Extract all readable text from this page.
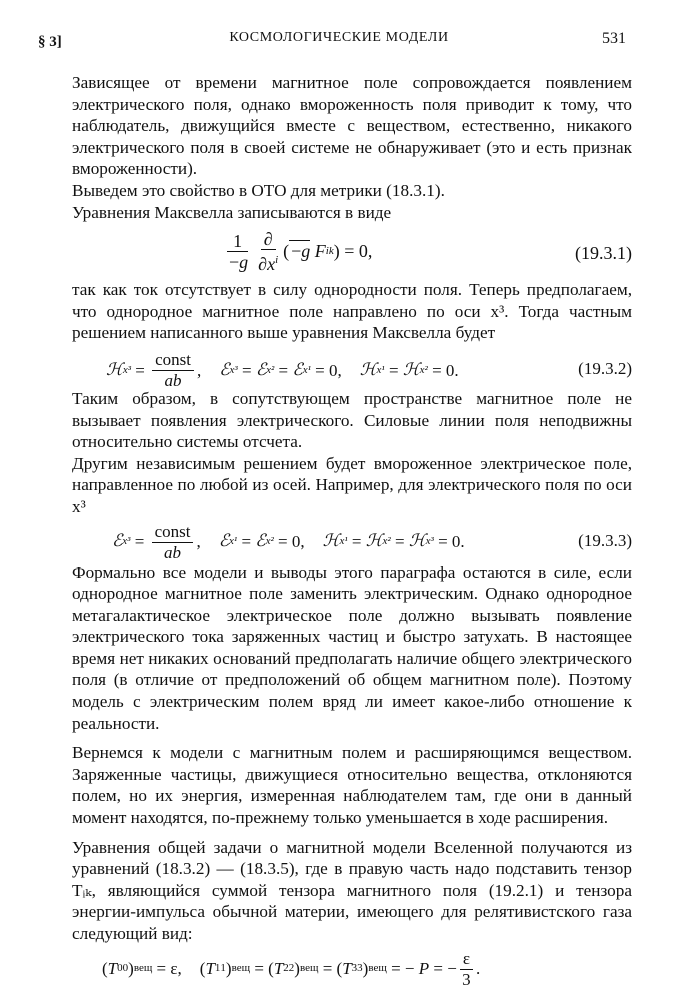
§ 3]	КОСМОЛОГИЧЕСКИЕ МОДЕЛИ	531

Зависящее от времени магнитное поле сопровождается появлением электрического поля, однако вмороженность поля приводит к тому, что наблюдатель, движущийся вместе с веществом, естественно, никакого электрического поля в своей системе не обнаруживает (это и есть признак вмороженности).

Выведем это свойство в ОТО для метрики (18.3.1).

Уравнения Максвелла записываются в виде

$\frac{1}{-g} \frac{\partial}{\partial x^i}$ ( −g
F ik ) = 0,	(19.3.1)

так как ток отсутствует в силу однородности поля. Теперь предполагаем, что однородное магнитное поле направлено по оси x³. Тогда частным решением написанного выше уравнения Максвелла будет

ℋ $x^3 = \frac{\text{const}}{ab}$ , ℰ x³ = ℰ x² = ℰ x¹ = 0, ℋ x¹ = ℋ x² = 0.	(19.3.2)

Таким образом, в сопутствующем пространстве магнитное поле не вызывает появления электрического. Силовые линии поля неподвижны относительно системы отсчета.

Другим независимым решением будет вмороженное электрическое поле, направленное по любой из осей. Например, для электрического поля по оси x³

ℰ $x^3 = \frac{\text{const}}{ab}$ , ℰ x¹ = ℰ x² = 0, ℋ x¹ = ℋ x² = ℋ x³ = 0.	(19.3.3)

Формально все модели и выводы этого параграфа остаются в силе, если однородное магнитное поле заменить электрическим. Однако однородное метагалактическое электрическое поле должно вызывать появление электрического тока заряженных частиц и быстро затухать. В настоящее время нет никаких оснований предполагать наличие общего электрического поля (в отличие от предположений об общем магнитном поле). Поэтому модель с электрическим полем вряд ли имеет какое-либо отношение к реальности.

Вернемся к модели с магнитным полем и расширяющимся веществом. Заряженные частицы, движущиеся относительно вещества, отклоняются полем, но их энергия, измеренная наблюдателем там, где они в данный момент находятся, по-прежнему только уменьшается в ходе расширения.

Уравнения общей задачи о магнитной модели Вселенной получаются из уравнений (18.3.2) — (18.3.5), где в правую часть надо подставить тензор Tᵢₖ, являющийся суммой тензора магнитного поля (19.2.1) и тензора энергии-импульса обычной материи, имеющего для релятивистского газа следующий вид:

( T 0 0 ) вещ = ε,
( T 1 1 ) вещ = ( T 2 2 ) вещ = ( T 3 3 ) вещ = − P = − $\frac{\varepsilon}{3}$ .
